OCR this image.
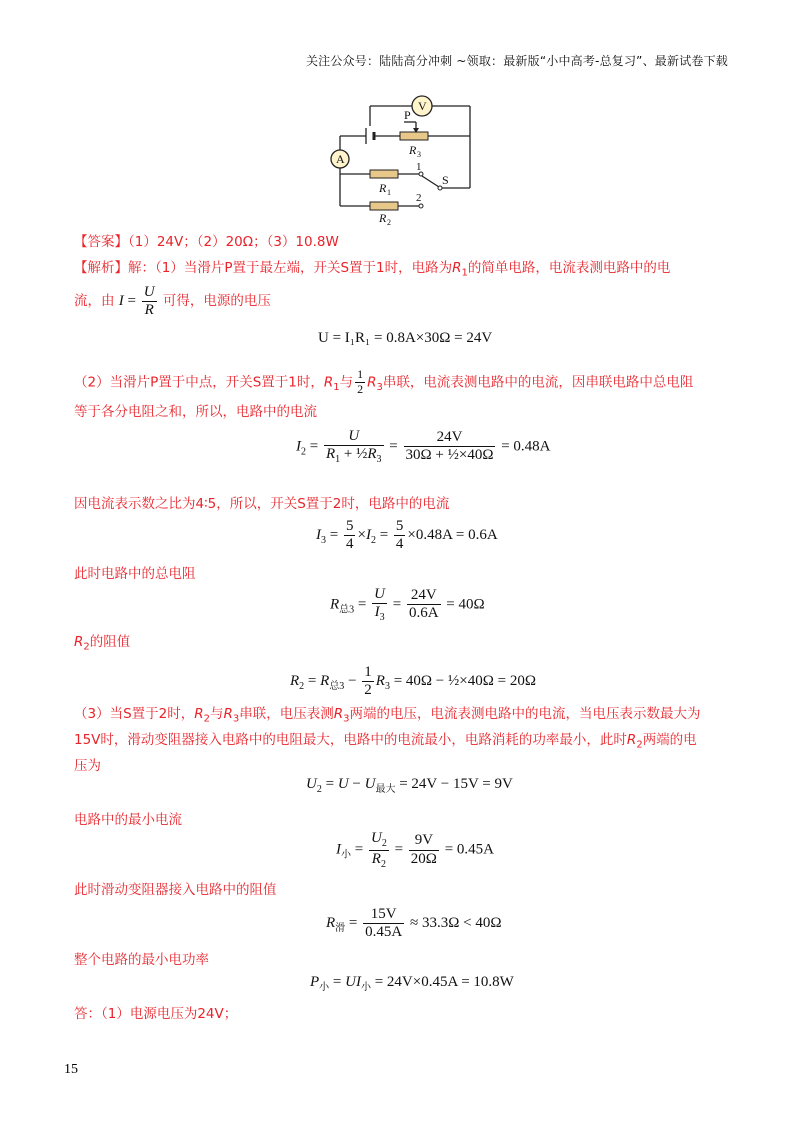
关注公众号：陆陆高分冲刺 ~领取：最新版“小中高考-总复习”、最新试卷下载
V
A
P
R 3
R 1
R 2
S
1
2
【答案】（1）24V；（2）20Ω；（3）10.8W
【解析】解：（1）当滑片P置于最左端，开关S置于1时，电路为$R_1$的简单电路，电流表测电路中的电
流，由 $I = \frac{U}{R}$ 可得，电源的电压
U = I₁R₁ = 0.8A×30Ω = 24V
（2）当滑片P置于中点，开关S置于1时，$R_1$与 $\frac{1}{2} R_3$串联，电流表测电路中的电流，因串联电路中总电阻
等于各分电阻之和，所以，电路中的电流
$I_2 = \frac{U}{R_1 + \frac{1}{2}R_3} = \frac{24V}{\text{30Ω + ½×40Ω}} = 0.48A$
因电流表示数之比为4∶5，所以，开关S置于2时，电路中的电流
$I_3 = \frac{5}{4} \times I_2 = \frac{5}{4} \times 0.48A = 0.6A$
此时电路中的总电阻
$R_{总3} = \frac{U}{I_3} = \frac{24V}{0.6A} = 40\Omega$
$R_2$的阻值
$R_2 = R_{总3} - \frac{1}{2} R_3 = 40\Omega$ − ½×40Ω = 20Ω
（3）当S置于2时，$R_2$与$R_3$串联，电压表测$R_3$两端的电压，电流表测电路中的电流，当电压表示数最大为
15V时，滑动变阻器接入电路中的电阻最大，电路中的电流最小，电路消耗的功率最小，此时$R_2$两端的电
压为
$U_2 = U - U_{最大} = 24V - 15V = 9V$
电路中的最小电流
$I_小 = \frac{U_2}{R_2} = \frac{9V}{20\Omega} = 0.45A$
此时滑动变阻器接入电路中的阻值
$R_滑 = \frac{15V}{0.45A} \approx 33.3\Omega < 40\Omega$
整个电路的最小电功率
$P_小 = UI_小 = 24V\times 0.45A = 10.8W$
答：（1）电源电压为24V；
15
